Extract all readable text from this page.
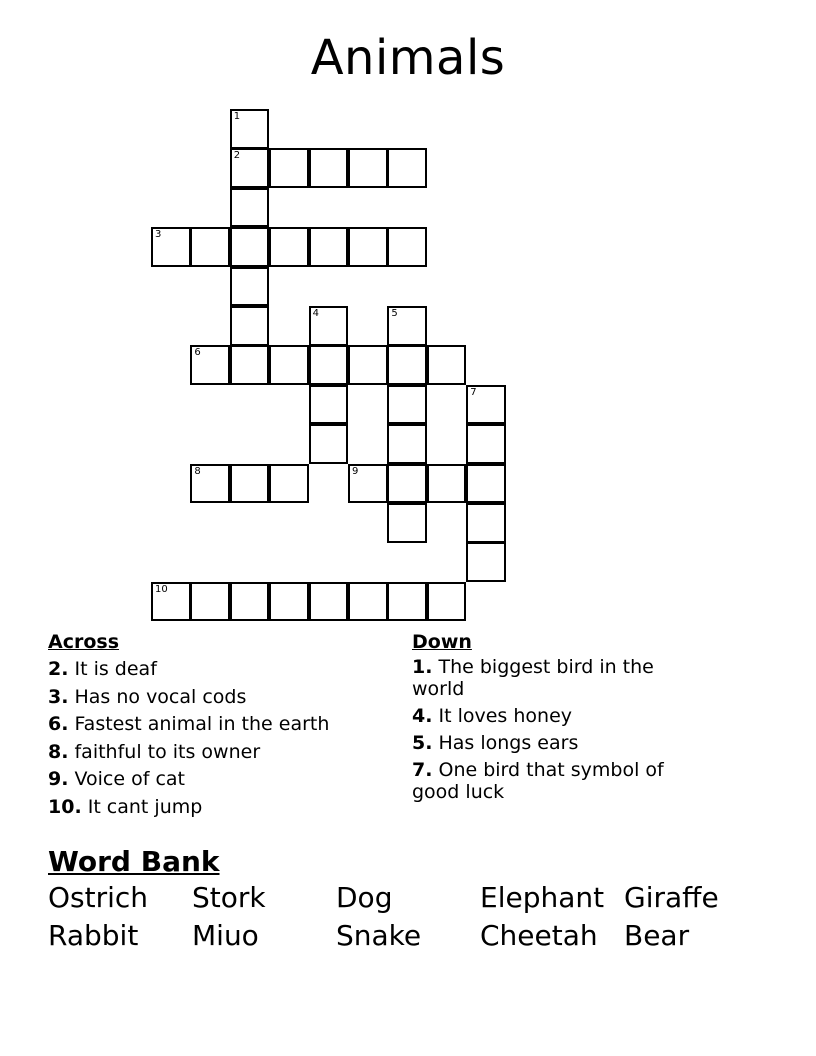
Animals
1
2
3
4	5
6
7
8	9
10
Across
2. It is deaf
3. Has no vocal cods
6. Fastest animal in the earth
8. faithful to its owner
9. Voice of cat
10. It cant jump
Down
1. The biggest bird in the world
4. It loves honey
5. Has longs ears
7. One bird that symbol of good luck
Word Bank
Ostrich	Stork	Dog	Elephant Giraffe
Rabbit	Miuo	Snake	Cheetah Bear
